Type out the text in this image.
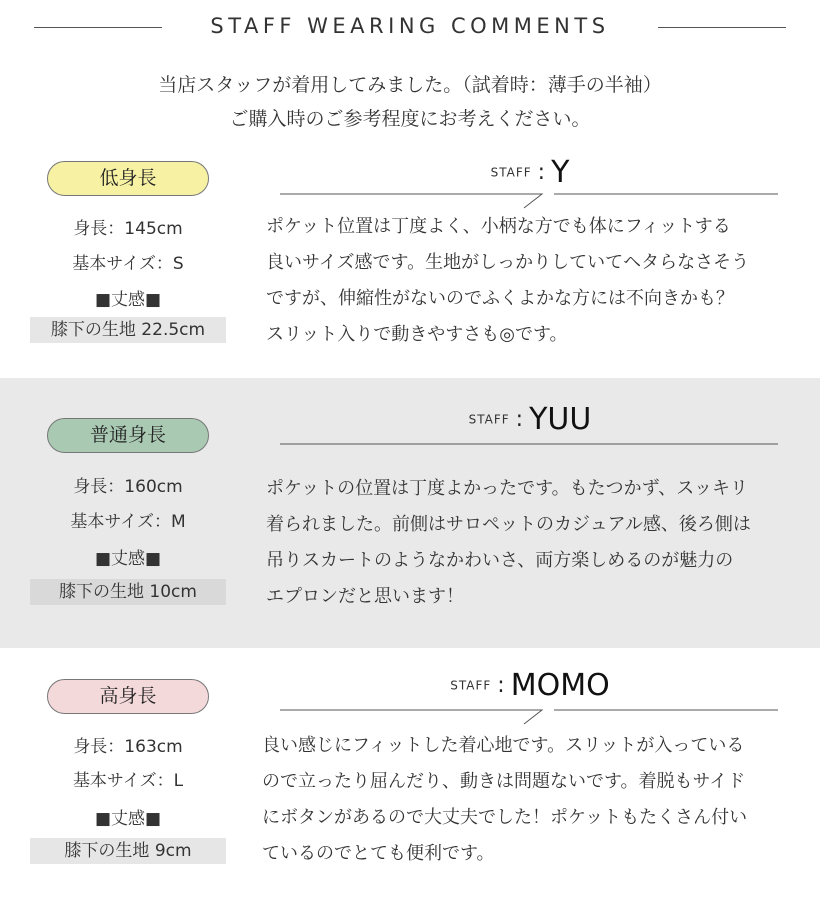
STAFF WEARING COMMENTS
当店スタッフが着用してみました。（試着時：薄手の半袖）
ご購入時のご参考程度にお考えください。
低身長
身長：145cm
基本サイズ：S
■丈感■
膝下の生地 22.5cm
STAFF : Y
ポケット位置は丁度よく、小柄な方でも体にフィットする
良いサイズ感です。生地がしっかりしていてヘタらなさそう
ですが、伸縮性がないのでふくよかな方には不向きかも？
スリット入りで動きやすさも◎です。
普通身長
身長：160cm
基本サイズ：M
■丈感■
膝下の生地 10cm
STAFF : YUU
ポケットの位置は丁度よかったです。もたつかず、スッキリ
着られました。前側はサロペットのカジュアル感、後ろ側は
吊りスカートのようなかわいさ、両方楽しめるのが魅力の
エプロンだと思います！
高身長
身長：163cm
基本サイズ：L
■丈感■
膝下の生地 9cm
STAFF : MOMO
良い感じにフィットした着心地です。スリットが入っている
ので立ったり屈んだり、動きは問題ないです。着脱もサイド
にボタンがあるので大丈夫でした！ポケットもたくさん付い
ているのでとても便利です。
